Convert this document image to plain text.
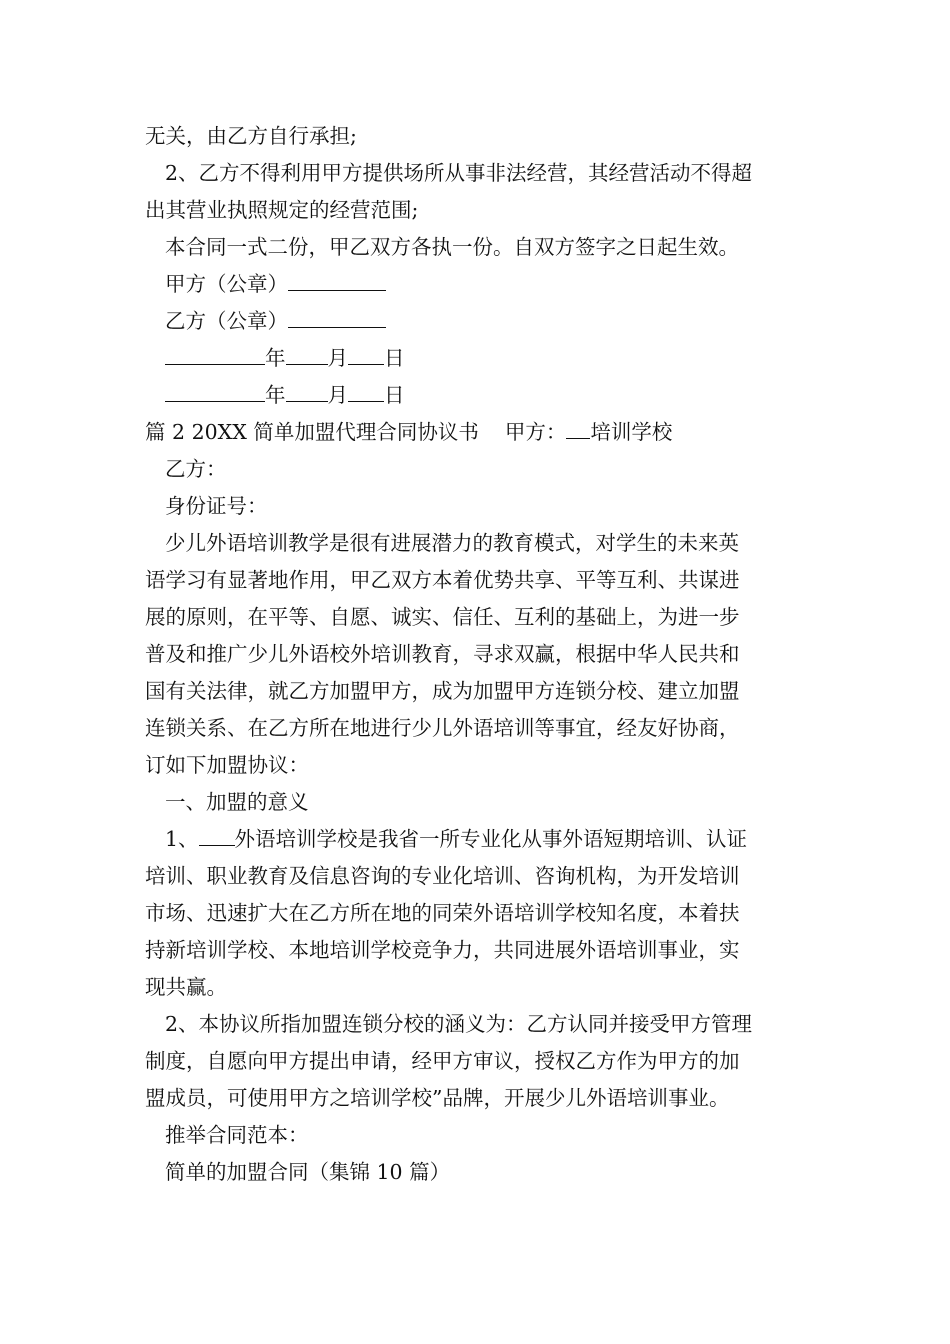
无关，由乙方自行承担;

2、乙方不得利用甲方提供场所从事非法经营，其经营活动不得超

出其营业执照规定的经营范围;

本合同一式二份，甲乙双方各执一份。自双方签字之日起生效。

甲方（公章）

乙方（公章）

年 月 日

年 月 日

篇 2 20XX 简单加盟代理合同协议书 甲方： 培训学校

乙方：

身份证号：

少儿外语培训教学是很有进展潜力的教育模式，对学生的未来英

语学习有显著地作用，甲乙双方本着优势共享、平等互利、共谋进

展的原则，在平等、自愿、诚实、信任、互利的基础上，为进一步

普及和推广少儿外语校外培训教育，寻求双赢，根据中华人民共和

国有关法律，就乙方加盟甲方，成为加盟甲方连锁分校、建立加盟

连锁关系、在乙方所在地进行少儿外语培训等事宜，经友好协商，

订如下加盟协议：

一、加盟的意义

1、 外语培训学校是我省一所专业化从事外语短期培训、认证

培训、职业教育及信息咨询的专业化培训、咨询机构，为开发培训

市场、迅速扩大在乙方所在地的同荣外语培训学校知名度，本着扶

持新培训学校、本地培训学校竞争力，共同进展外语培训事业，实

现共赢。

2、本协议所指加盟连锁分校的涵义为：乙方认同并接受甲方管理

制度，自愿向甲方提出申请，经甲方审议，授权乙方作为甲方的加

盟成员，可使用甲方之培训学校”品牌，开展少儿外语培训事业。

推举合同范本：

简单的加盟合同（集锦 10 篇）
